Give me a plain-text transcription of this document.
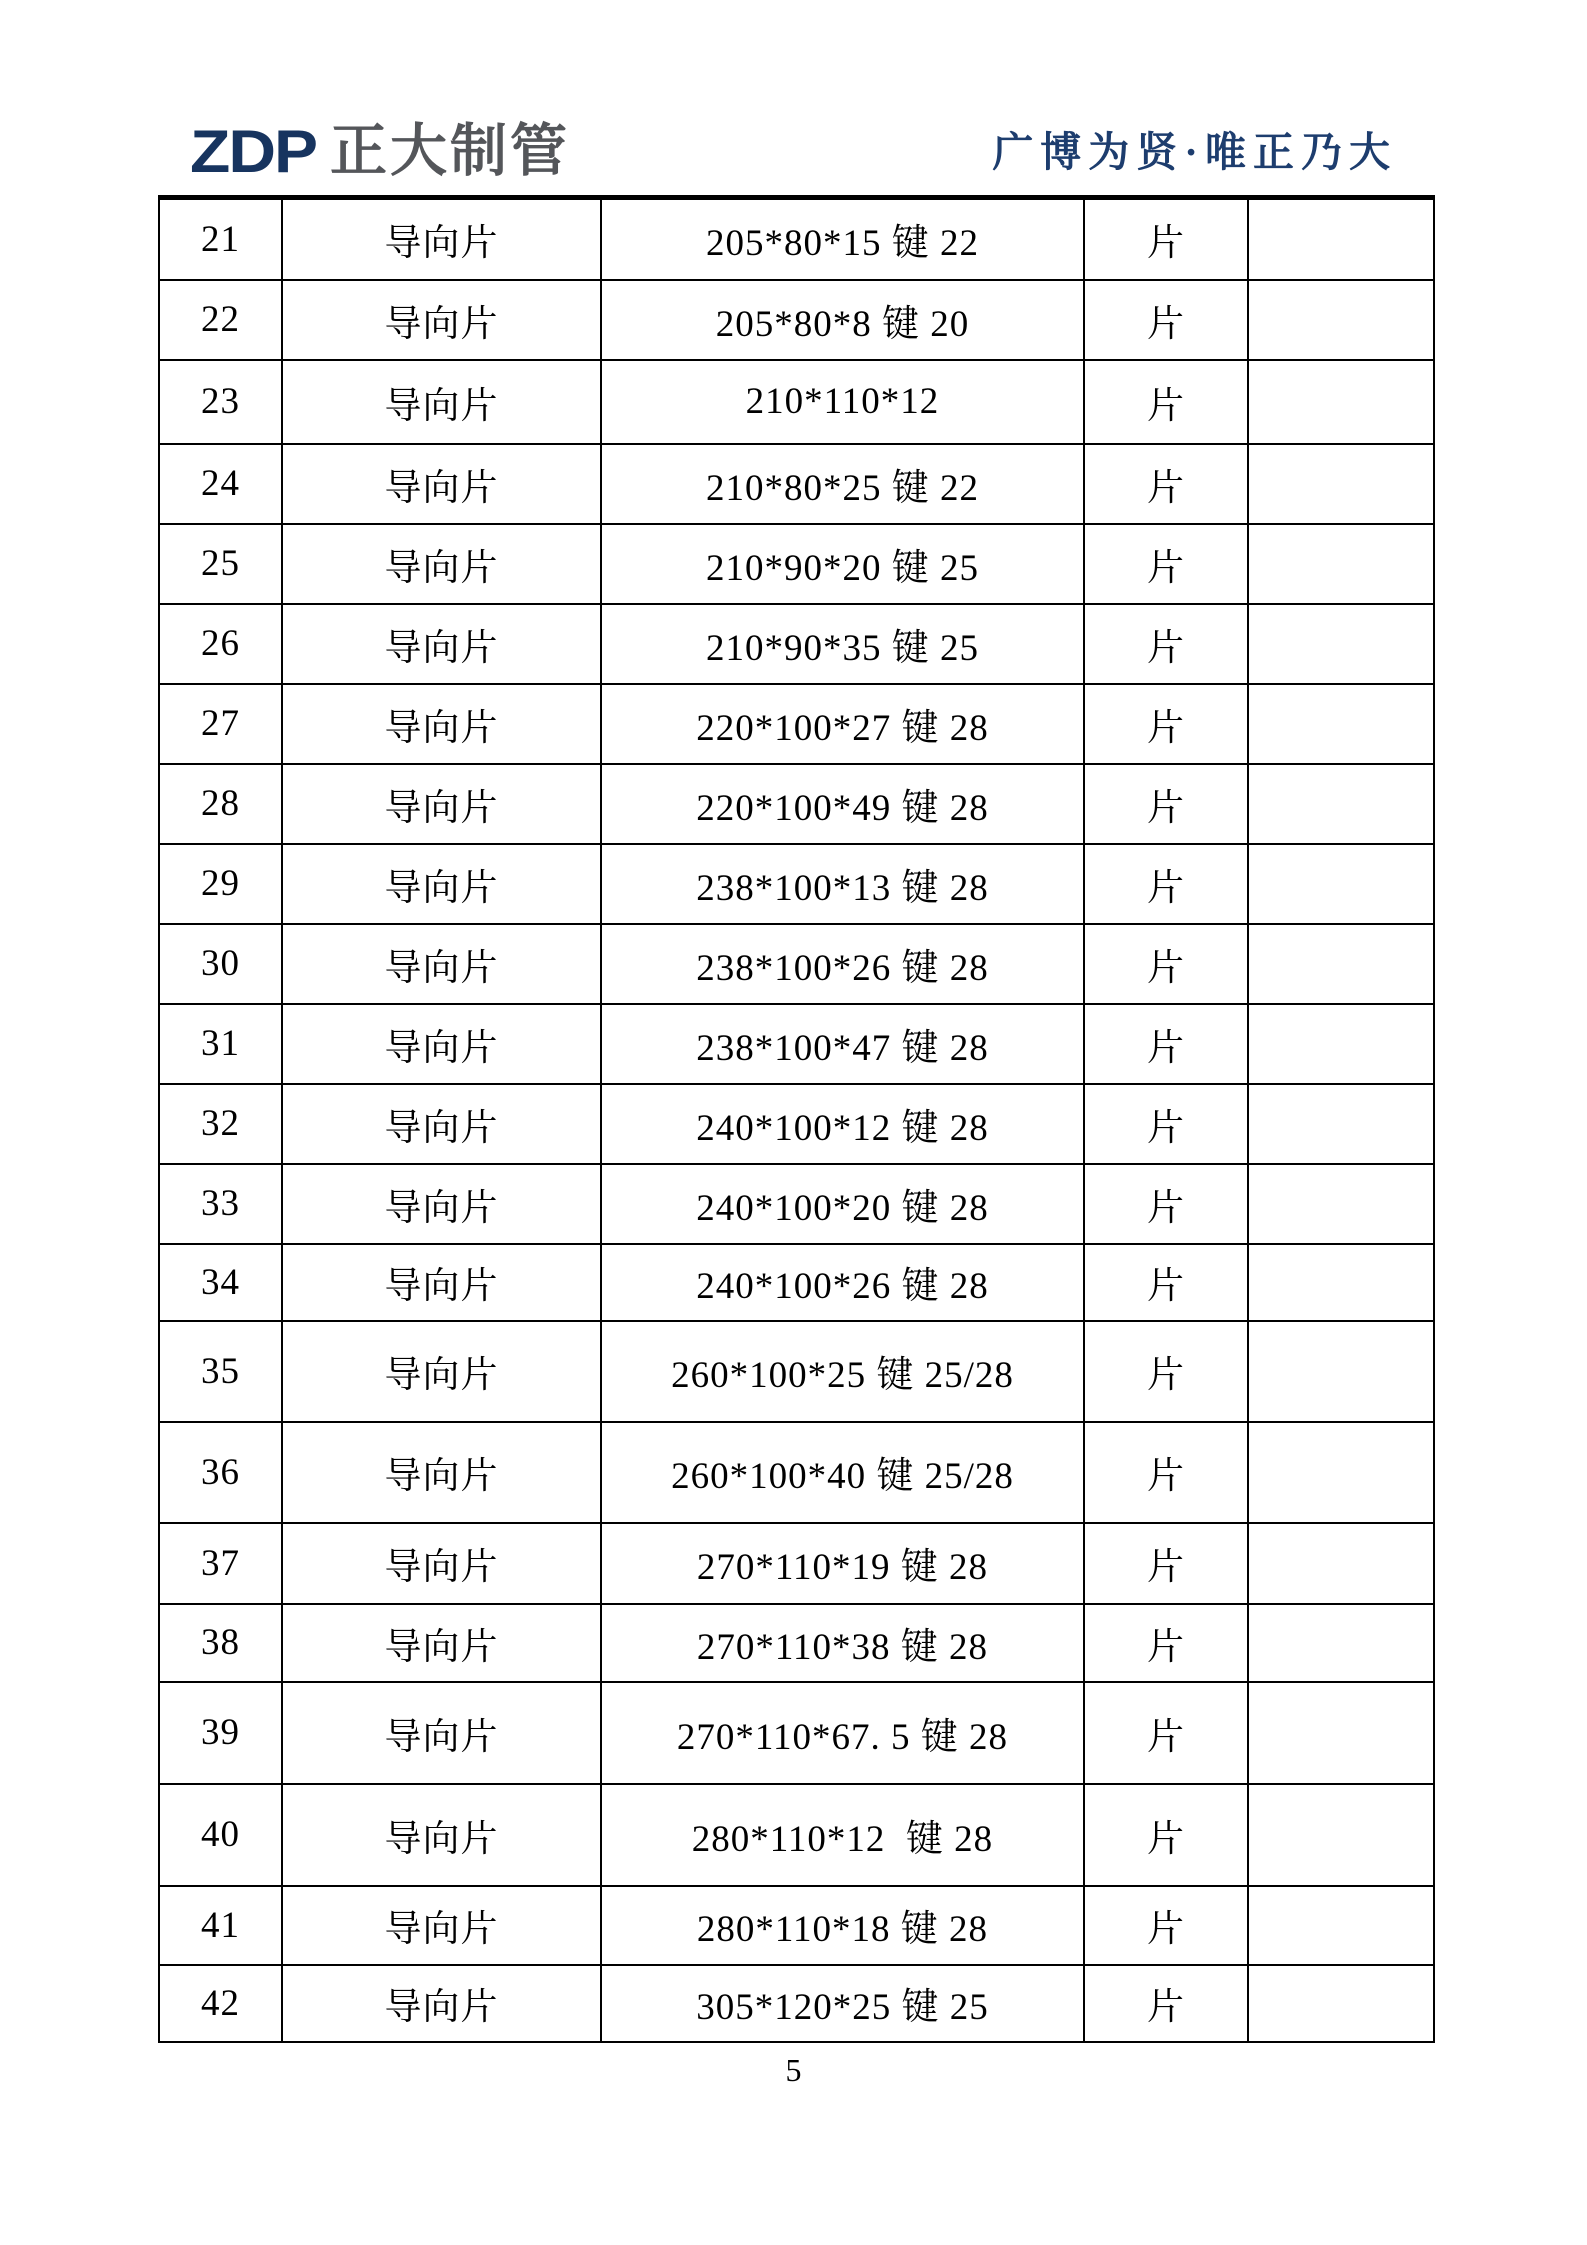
ZDP 正大制管	广博为贤·唯正乃大
21	导向片	205*80*15 键 22	片	
22	导向片	205*80*8 键 20	片	
23	导向片	210*110*12	片	
24	导向片	210*80*25 键 22	片	
25	导向片	210*90*20 键 25	片	
26	导向片	210*90*35 键 25	片	
27	导向片	220*100*27 键 28	片	
28	导向片	220*100*49 键 28	片	
29	导向片	238*100*13 键 28	片	
30	导向片	238*100*26 键 28	片	
31	导向片	238*100*47 键 28	片	
32	导向片	240*100*12 键 28	片	
33	导向片	240*100*20 键 28	片	
34	导向片	240*100*26 键 28	片	
35	导向片	260*100*25 键 25/28	片	
36	导向片	260*100*40 键 25/28	片	
37	导向片	270*110*19 键 28	片	
38	导向片	270*110*38 键 28	片	
39	导向片	270*110*67. 5 键 28	片	
40	导向片	280*110*12  键 28	片	
41	导向片	280*110*18 键 28	片	
42	导向片	305*120*25 键 25	片	
5
